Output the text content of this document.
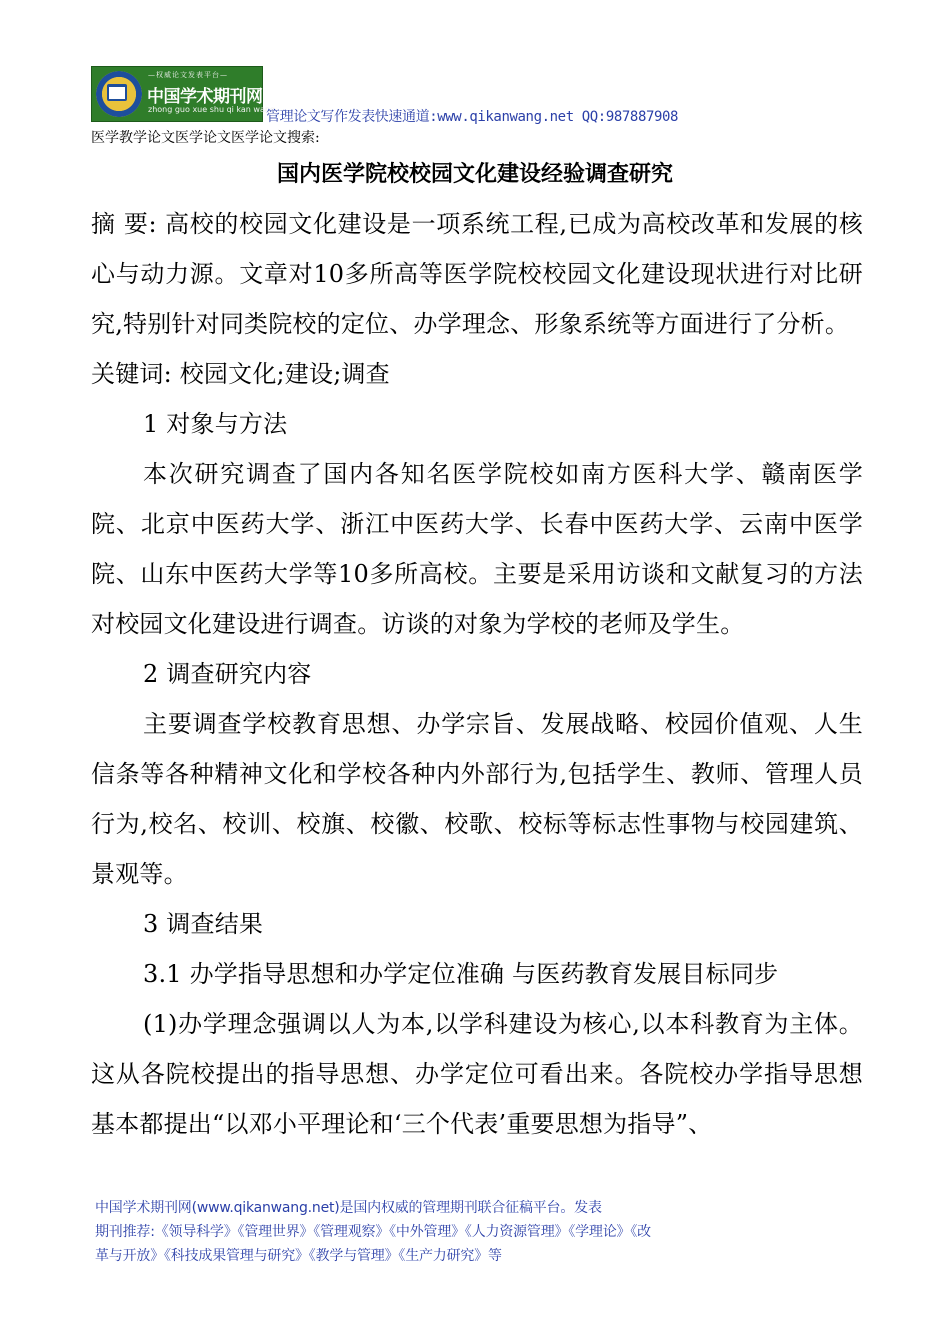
—权威论文发表平台—
中国学术期刊网
zhong guo xue shu qi kan wang
管理论文写作发表快速通道:www.qikanwang.net QQ:987887908
医学教学论文医学论文医学论文搜索:
国内医学院校校园文化建设经验调查研究

摘 要: 高校的校园文化建设是一项系统工程,已成为高校改革和发展的核心与动力源。文章对10多所高等医学院校校园文化建设现状进行对比研究,特别针对同类院校的定位、办学理念、形象系统等方面进行了分析。

关键词: 校园文化;建设;调查

1 对象与方法

本次研究调查了国内各知名医学院校如南方医科大学、赣南医学院、北京中医药大学、浙江中医药大学、长春中医药大学、云南中医学院、山东中医药大学等10多所高校。主要是采用访谈和文献复习的方法对校园文化建设进行调查。访谈的对象为学校的老师及学生。

2 调查研究内容

主要调查学校教育思想、办学宗旨、发展战略、校园价值观、人生信条等各种精神文化和学校各种内外部行为,包括学生、教师、管理人员行为,校名、校训、校旗、校徽、校歌、校标等标志性事物与校园建筑、景观等。

3 调查结果

3.1 办学指导思想和办学定位准确 与医药教育发展目标同步

(1)办学理念强调以人为本,以学科建设为核心,以本科教育为主体。这从各院校提出的指导思想、办学定位可看出来。各院校办学指导思想基本都提出“以邓小平理论和‘三个代表’重要思想为指导”、

中国学术期刊网(www.qikanwang.net)是国内权威的管理期刊联合征稿平台。发表
期刊推荐:《领导科学》《管理世界》《管理观察》《中外管理》《人力资源管理》《学理论》《改
革与开放》《科技成果管理与研究》《教学与管理》《生产力研究》等
